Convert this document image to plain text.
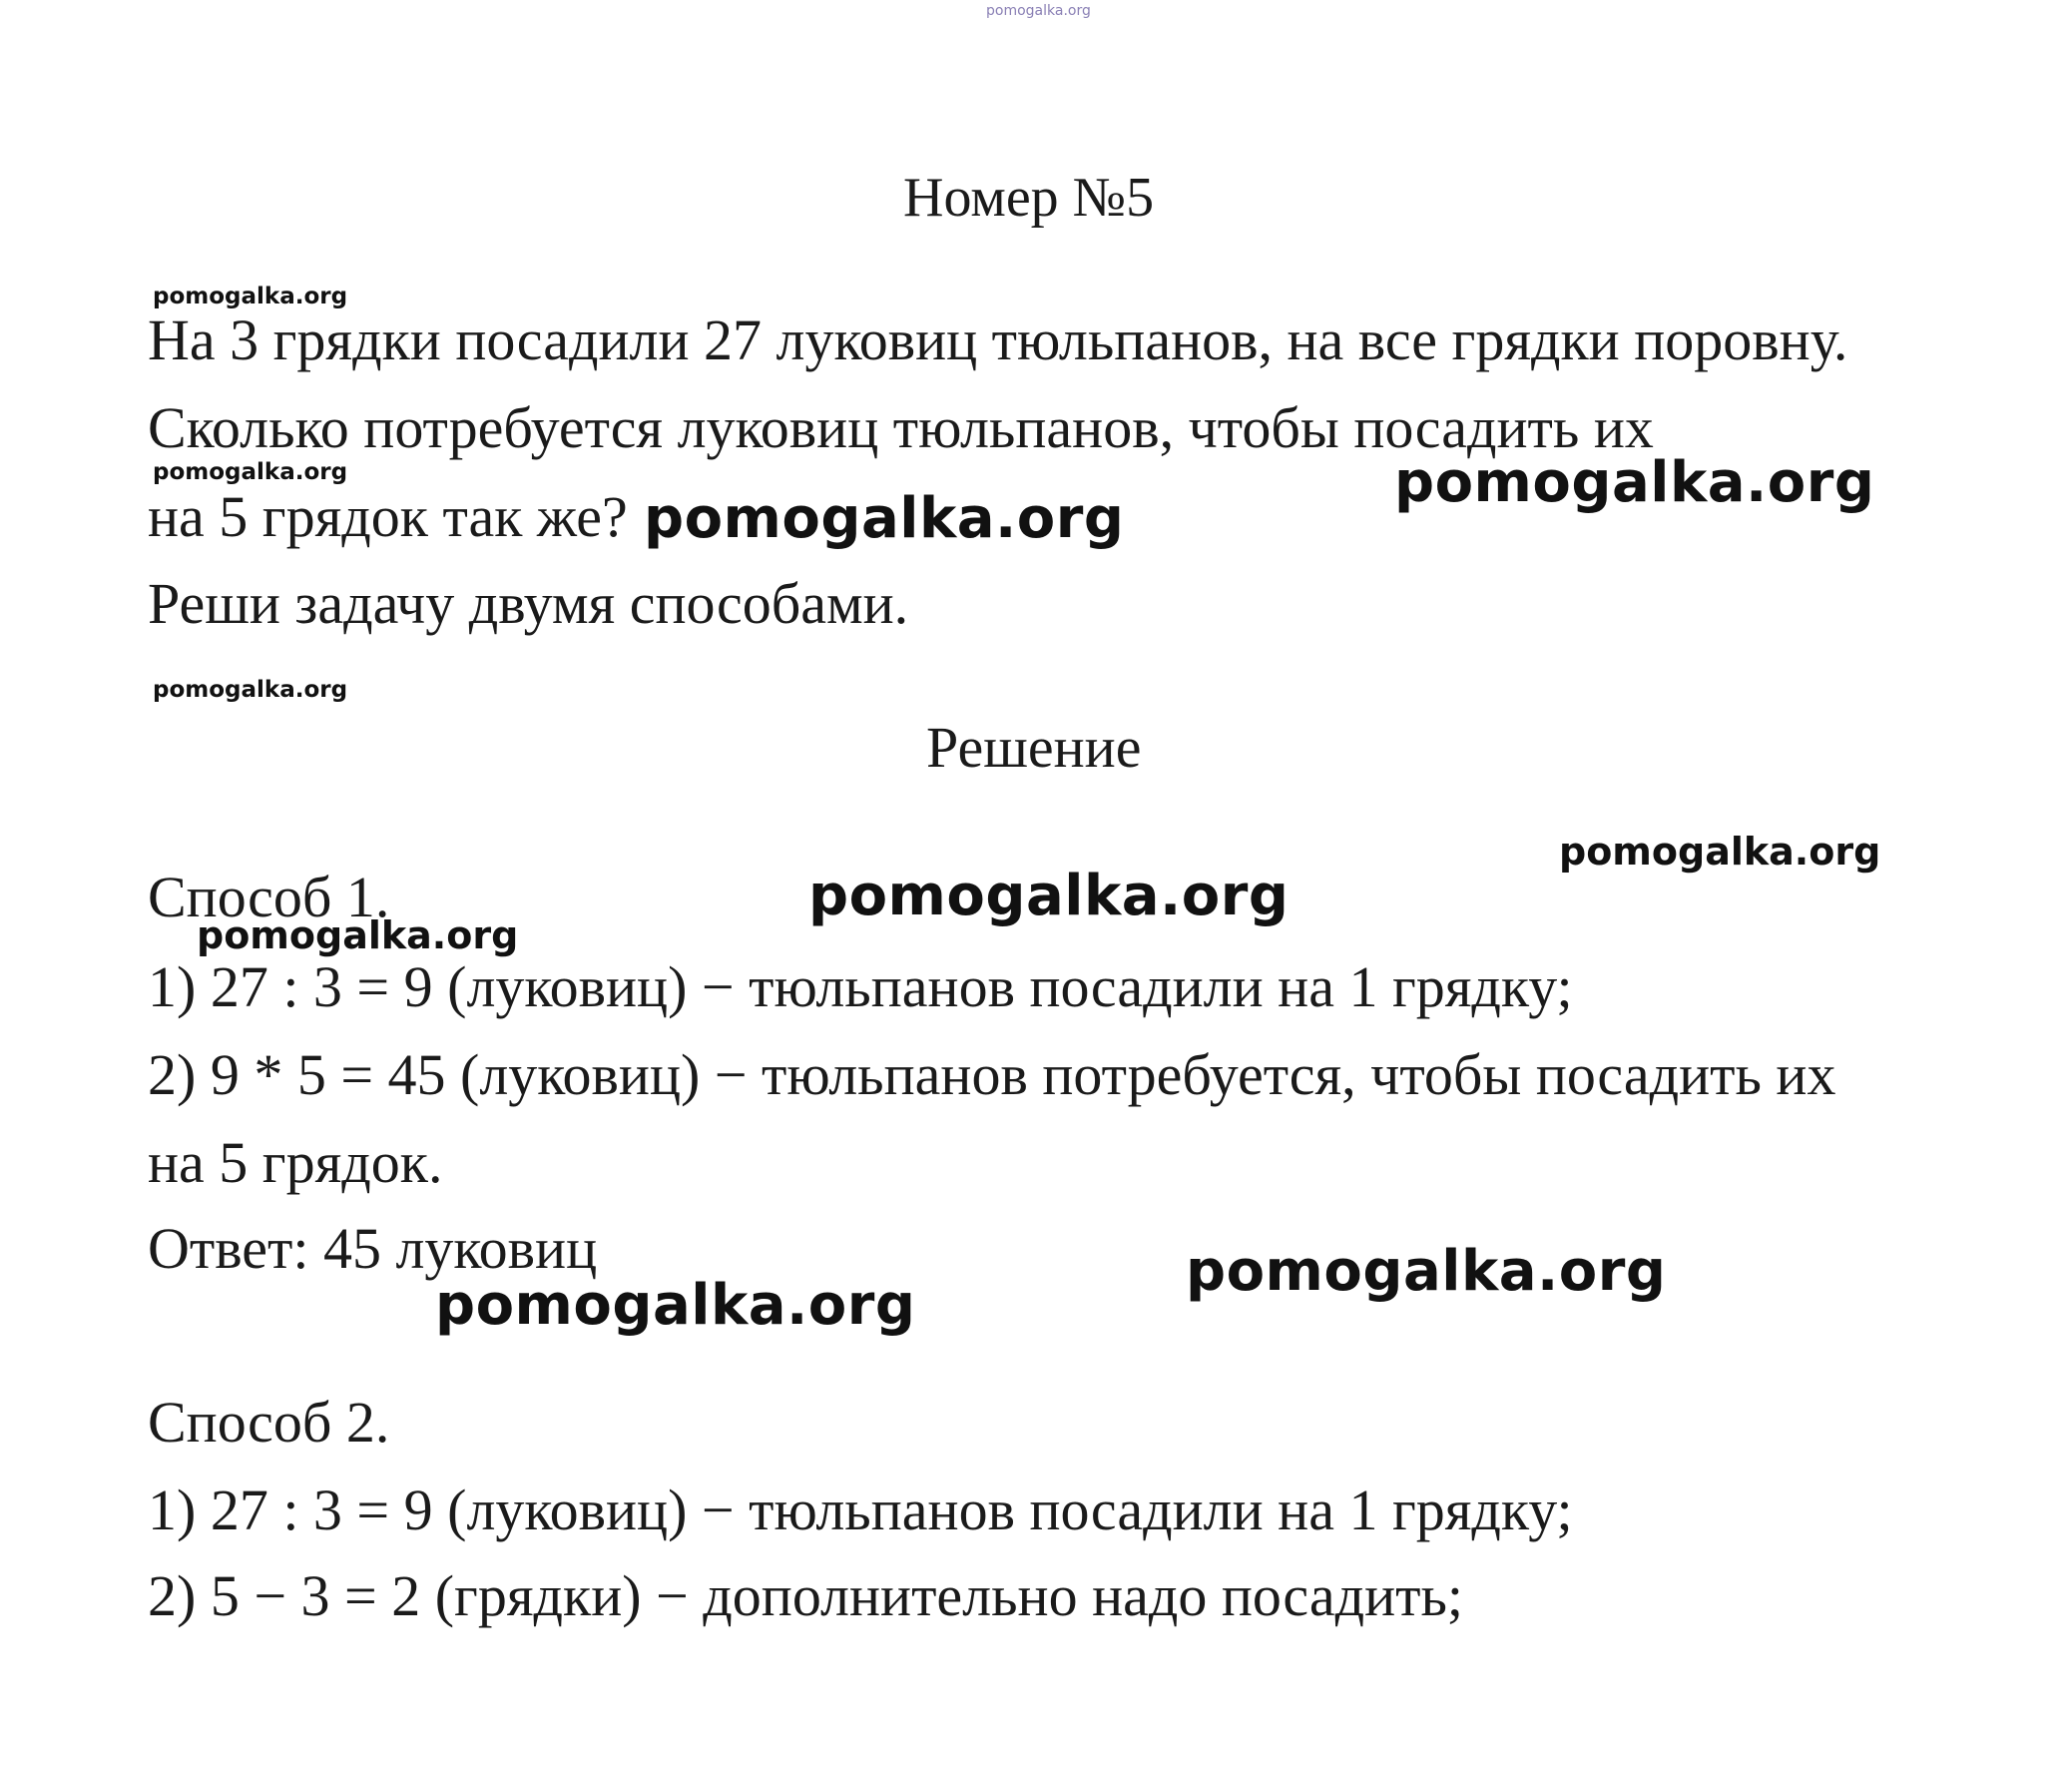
pomogalka.org
Номер №5
pomogalka.org
На 3 грядки посадили 27 луковиц тюльпанов, на все грядки поровну.
Сколько потребуется луковиц тюльпанов, чтобы посадить их
pomogalka.org	pomogalka.org
на 5 грядок так же? pomogalka.org
Реши задачу двумя способами.
pomogalka.org
Решение
pomogalka.org
Способ 1.	pomogalka.org
pomogalka.org
1) 27 : 3 = 9 (луковиц) − тюльпанов посадили на 1 грядку;
2) 9 * 5 = 45 (луковиц) − тюльпанов потребуется, чтобы посадить их
на 5 грядок.
Ответ: 45 луковиц	pomogalka.org
pomogalka.org
Способ 2.
1) 27 : 3 = 9 (луковиц) − тюльпанов посадили на 1 грядку;
2) 5 − 3 = 2 (грядки) − дополнительно надо посадить;
